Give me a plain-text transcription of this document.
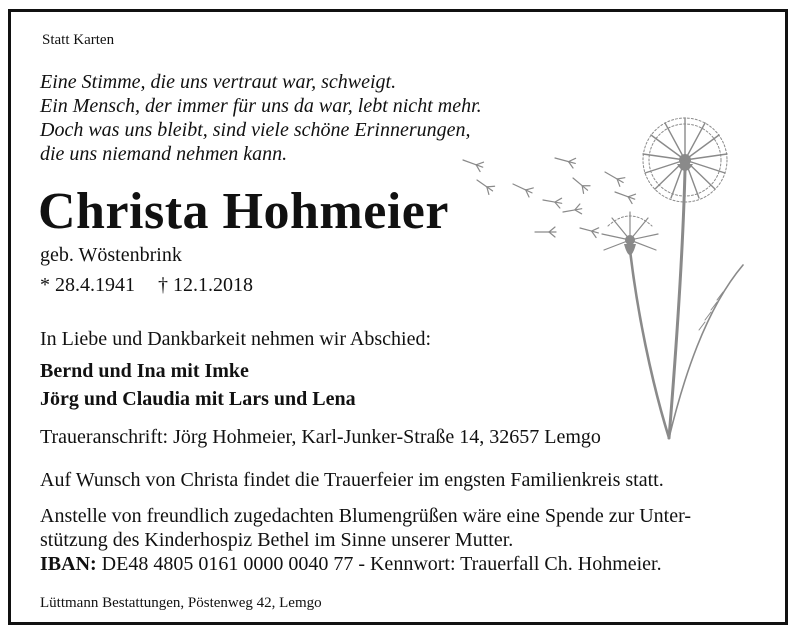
Statt Karten
Eine Stimme, die uns vertraut war, schweigt.
Ein Mensch, der immer für uns da war, lebt nicht mehr.
Doch was uns bleibt, sind viele schöne Erinnerungen,
die uns niemand nehmen kann.
Christa Hohmeier
geb. Wöstenbrink
* 28.4.1941 † 12.1.2018
In Liebe und Dankbarkeit nehmen wir Abschied:
Bernd und Ina mit Imke
Jörg und Claudia mit Lars und Lena
Traueranschrift: Jörg Hohmeier, Karl-Junker-Straße 14, 32657 Lemgo
Auf Wunsch von Christa findet die Trauerfeier im engsten Familienkreis statt.
Anstelle von freundlich zugedachten Blumengrüßen wäre eine Spende zur Unter-
stützung des Kinderhospiz Bethel im Sinne unserer Mutter.
IBAN: DE48 4805 0161 0000 0040 77 - Kennwort: Trauerfall Ch. Hohmeier.
Lüttmann Bestattungen, Pöstenweg 42, Lemgo
